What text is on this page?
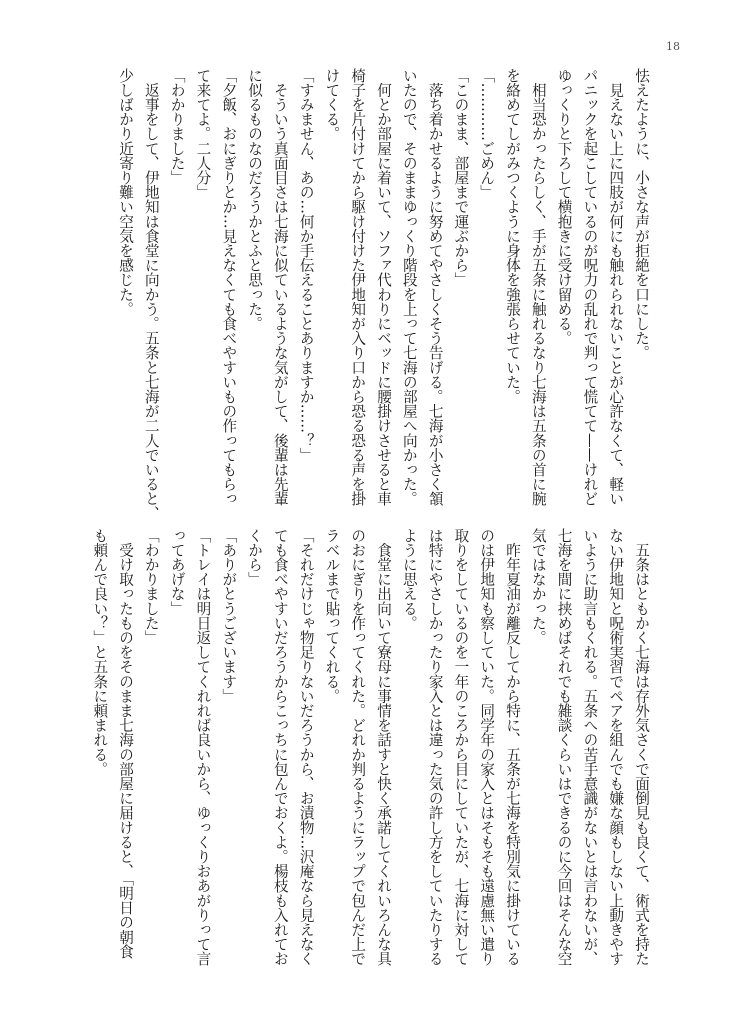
18
怯えたように、小さな声が拒絶を口にした。
　見えない上に四肢が何にも触れられないことが心許なくて、軽い
パニックを起こしているのが呪力の乱れで判って慌てて——けれど
ゆっくりと下ろして横抱きに受け留める。
　相当恐かったらしく、手が五条に触れるなり七海は五条の首に腕
を絡めてしがみつくように身体を強張らせていた。
「…………ごめん」
「このまま、部屋まで運ぶから」
　落ち着かせるように努めてやさしくそう告げる。七海が小さく頷
いたので、そのままゆっくり階段を上って七海の部屋へ向かった。
　何とか部屋に着いて、ソファ代わりにベッドに腰掛けさせると車
椅子を片付けてから駆け付けた伊地知が入り口から恐る恐る声を掛
けてくる。
「すみません、あの…何か手伝えることありますか……？」
　そういう真面目さは七海に似ているような気がして、後輩は先輩
に似るものなのだろうかとふと思った。
「夕飯、おにぎりとか…見えなくても食べやすいもの作ってもらっ
て来てよ。二人分」
「わかりました」
　返事をして、伊地知は食堂に向かう。五条と七海が二人でいると、
少しばかり近寄り難い空気を感じた。
　五条はともかく七海は存外気さくで面倒見も良くて、術式を持た
ない伊地知と呪術実習でペアを組んでも嫌な顔もしない上動きやす
いように助言もくれる。五条への苦手意識がないとは言わないが、
七海を間に挟めばそれでも雑談くらいはできるのに今回はそんな空
気ではなかった。
　昨年夏油が離反してから特に、五条が七海を特別気に掛けている
のは伊地知も察していた。同学年の家入とはそもそも遠慮無い遣り
取りをしているのを一年のころから目にしていたが、七海に対して
は特にやさしかったり家入とは違った気の許し方をしていたりする
ように思える。
　食堂に出向いて寮母に事情を話すと快く承諾してくれいろんな具
のおにぎりを作ってくれた。どれか判るようにラップで包んだ上で
ラベルまで貼ってくれる。
「それだけじゃ物足りないだろうから、お漬物…沢庵なら見えなく
ても食べやすいだろうからこっちに包んでおくよ。楊枝も入れてお
くから」
「ありがとうございます」
「トレイは明日返してくれれば良いから、ゆっくりおあがりって言
ってあげな」
「わかりました」
　受け取ったものをそのまま七海の部屋に届けると、「明日の朝食
も頼んで良い？」と五条に頼まれる。
